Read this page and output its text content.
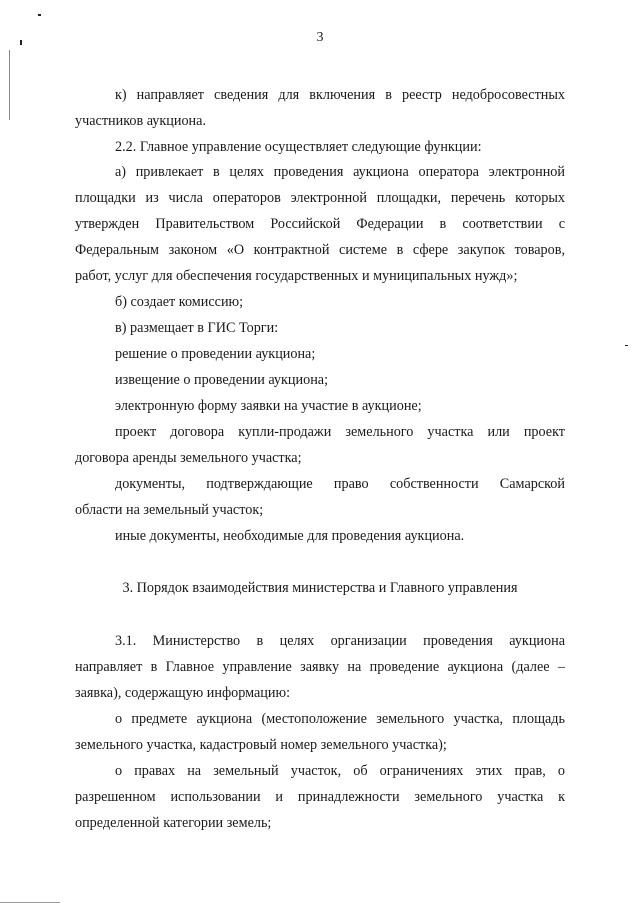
3
к) направляет сведения для включения в реестр недобросовестных
участников аукциона.
2.2. Главное управление осуществляет следующие функции:
а) привлекает в целях проведения аукциона оператора электронной
площадки из числа операторов электронной площадки, перечень которых
утвержден Правительством Российской Федерации в соответствии с
Федеральным законом «О контрактной системе в сфере закупок товаров,
работ, услуг для обеспечения государственных и муниципальных нужд»;
б) создает комиссию;
в) размещает в ГИС Торги:
решение о проведении аукциона;
извещение о проведении аукциона;
электронную форму заявки на участие в аукционе;
проект договора купли-продажи земельного участка или проект
договора аренды земельного участка;
документы, подтверждающие право собственности Самарской
области на земельный участок;
иные документы, необходимые для проведения аукциона.
3. Порядок взаимодействия министерства и Главного управления
3.1. Министерство в целях организации проведения аукциона
направляет в Главное управление заявку на проведение аукциона (далее –
заявка), содержащую информацию:
о предмете аукциона (местоположение земельного участка, площадь
земельного участка, кадастровый номер земельного участка);
о правах на земельный участок, об ограничениях этих прав, о
разрешенном использовании и принадлежности земельного участка к
определенной категории земель;
